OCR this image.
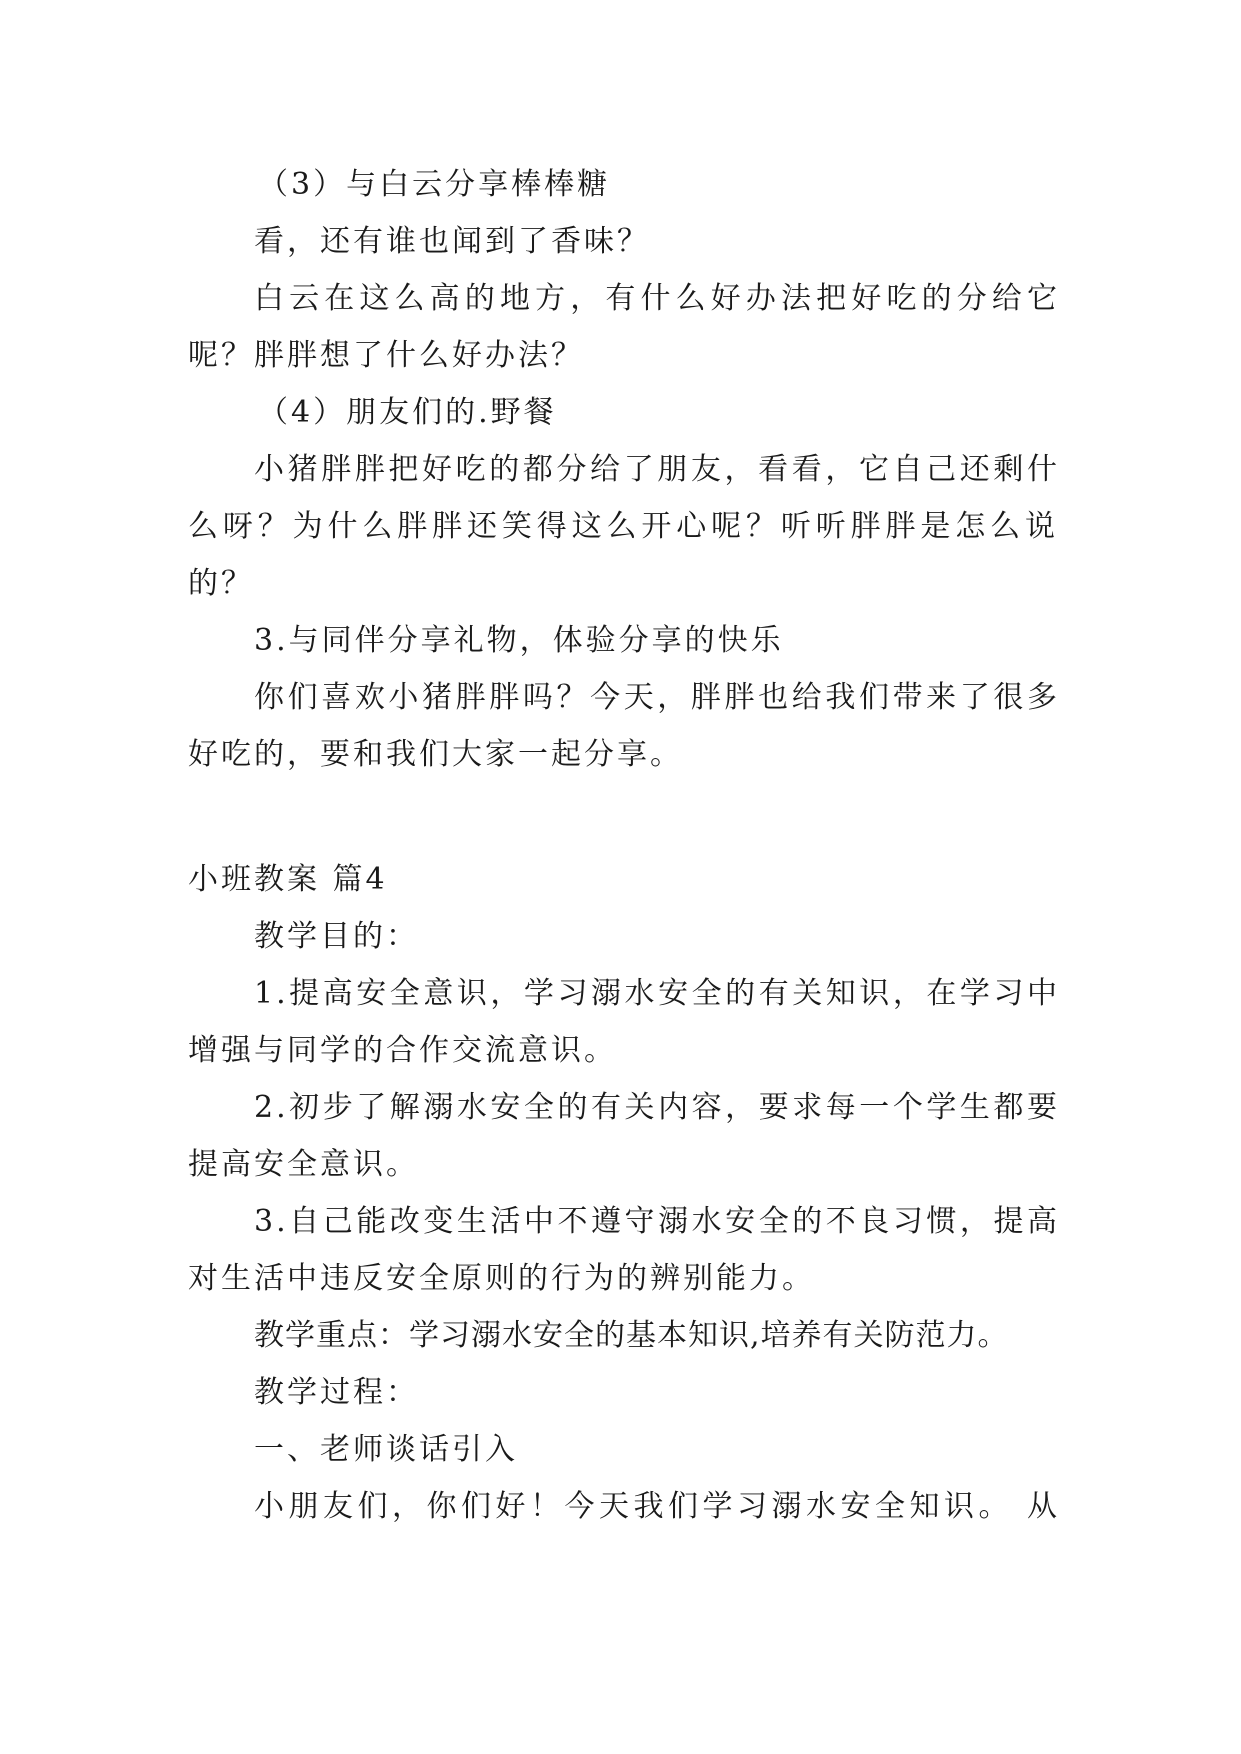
（3）与白云分享棒棒糖
看，还有谁也闻到了香味？
白云在这么高的地方，有什么好办法把好吃的分给它
呢？胖胖想了什么好办法？
（4）朋友们的.野餐
小猪胖胖把好吃的都分给了朋友，看看，它自己还剩什
么呀？为什么胖胖还笑得这么开心呢？听听胖胖是怎么说
的？
3.与同伴分享礼物，体验分享的快乐
你们喜欢小猪胖胖吗？今天，胖胖也给我们带来了很多
好吃的，要和我们大家一起分享。
小班教案 篇4
教学目的：
1.提高安全意识，学习溺水安全的有关知识，在学习中
增强与同学的合作交流意识。
2.初步了解溺水安全的有关内容，要求每一个学生都要
提高安全意识。
3.自己能改变生活中不遵守溺水安全的不良习惯，提高
对生活中违反安全原则的行为的辨别能力。
教学重点：学习溺水安全的基本知识,培养有关防范力。
教学过程：
一、老师谈话引入
小朋友们，你们好！今天我们学习溺水安全知识。 从
